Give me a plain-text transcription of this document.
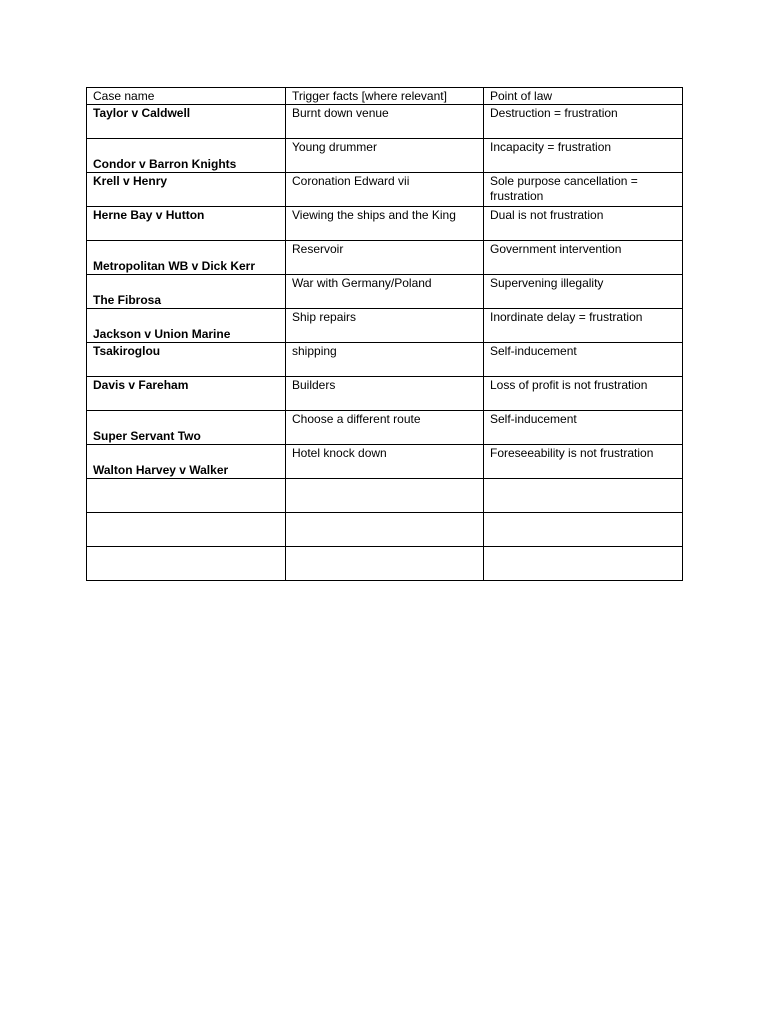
Case name	Trigger facts [where relevant]	Point of law
Taylor v Caldwell	Burnt down venue	Destruction = frustration

Condor v Barron Knights	Young drummer	Incapacity = frustration
Krell v Henry	Coronation Edward vii	Sole purpose cancellation = frustration
Herne Bay v Hutton	Viewing the ships and the King	Dual is not frustration

Metropolitan WB v Dick Kerr	Reservoir	Government intervention

The Fibrosa	War with Germany/Poland	Supervening illegality

Jackson v Union Marine	Ship repairs	Inordinate delay = frustration
Tsakiroglou	shipping	Self-inducement
Davis v Fareham	Builders	Loss of profit is not frustration

Super Servant Two	Choose a different route	Self-inducement

Walton Harvey v Walker	Hotel knock down	Foreseeability is not frustration
